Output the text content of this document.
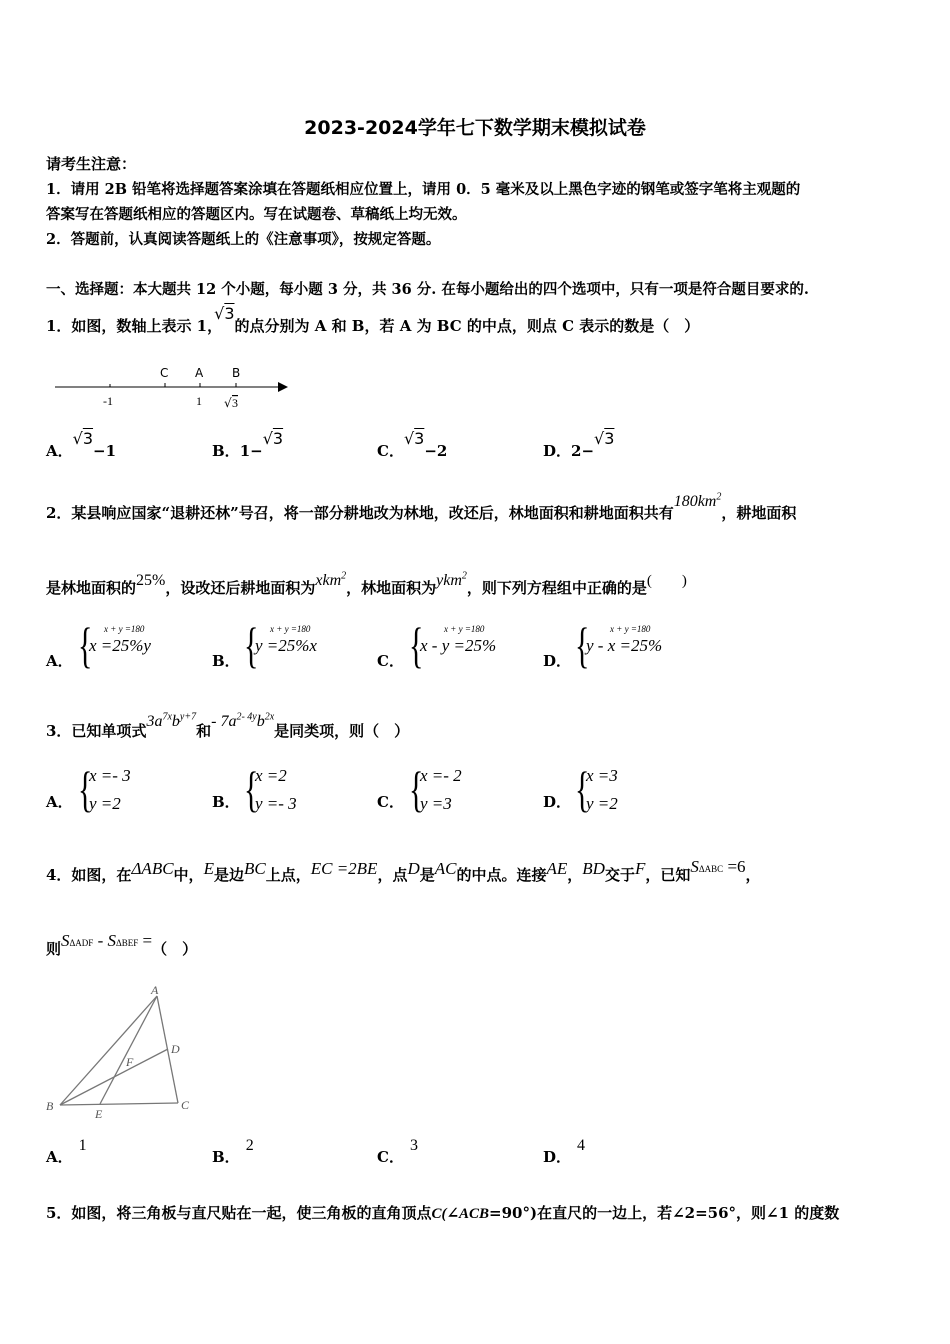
2023-2024学年七下数学期末模拟试卷
请考生注意：
1．请用 2B 铅笔将选择题答案涂填在答题纸相应位置上，请用 0．5 毫米及以上黑色字迹的钢笔或签字笔将主观题的
答案写在答题纸相应的答题区内。写在试题卷、草稿纸上均无效。
2．答题前，认真阅读答题纸上的《注意事项》，按规定答题。
一、选择题：本大题共 12 个小题，每小题 3 分，共 36 分. 在每小题给出的四个选项中，只有一项是符合题目要求的.
1．如图，数轴上表示 1，√3的点分别为 A 和 B，若 A 为 BC 的中点，则点 C 表示的数是（　）
C A B
-1	1 √ 3
A．√3−1	B．1−√3
C．√3−2	D．2−√3
2．某县响应国家“退耕还林”号召，将一部分耕地改为林地，改还后，林地面积和耕地面积共有$180km^2$，耕地面积
是林地面积的25%，设改还后耕地面积为xkm$^2$，林地面积为ykm$^2$，则下列方程组中正确的是(　　)
A． { x + y =180
x =25%y
B． { x + y =180
y =25%x
C． { x + y =180
x - y =25%
D． { x + y =180
y - x =25%
3．已知单项式$3a^{7x}b^{y+7}$和- $7a^{2- 4y}b^{2x}$是同类项，则（　）
A． {
x =- 3
y =2	B． {
x =2
y =- 3	C． {
x =- 2
y =3	D． {
x =3
y =2
4．如图，在ΔABC中，E是边BC上点，EC =2BE，点D是AC的中点。连接AE，BD交于F，已知SΔABC =6，
则SΔADF - SΔBEF =（　）
A
B	C
D
E
F
A．1
B．2
C．3
D．4
5．如图，将三角板与直尺贴在一起，使三角板的直角顶点C(∠ACB=90°)在直尺的一边上，若∠2=56°，则∠1 的度数
